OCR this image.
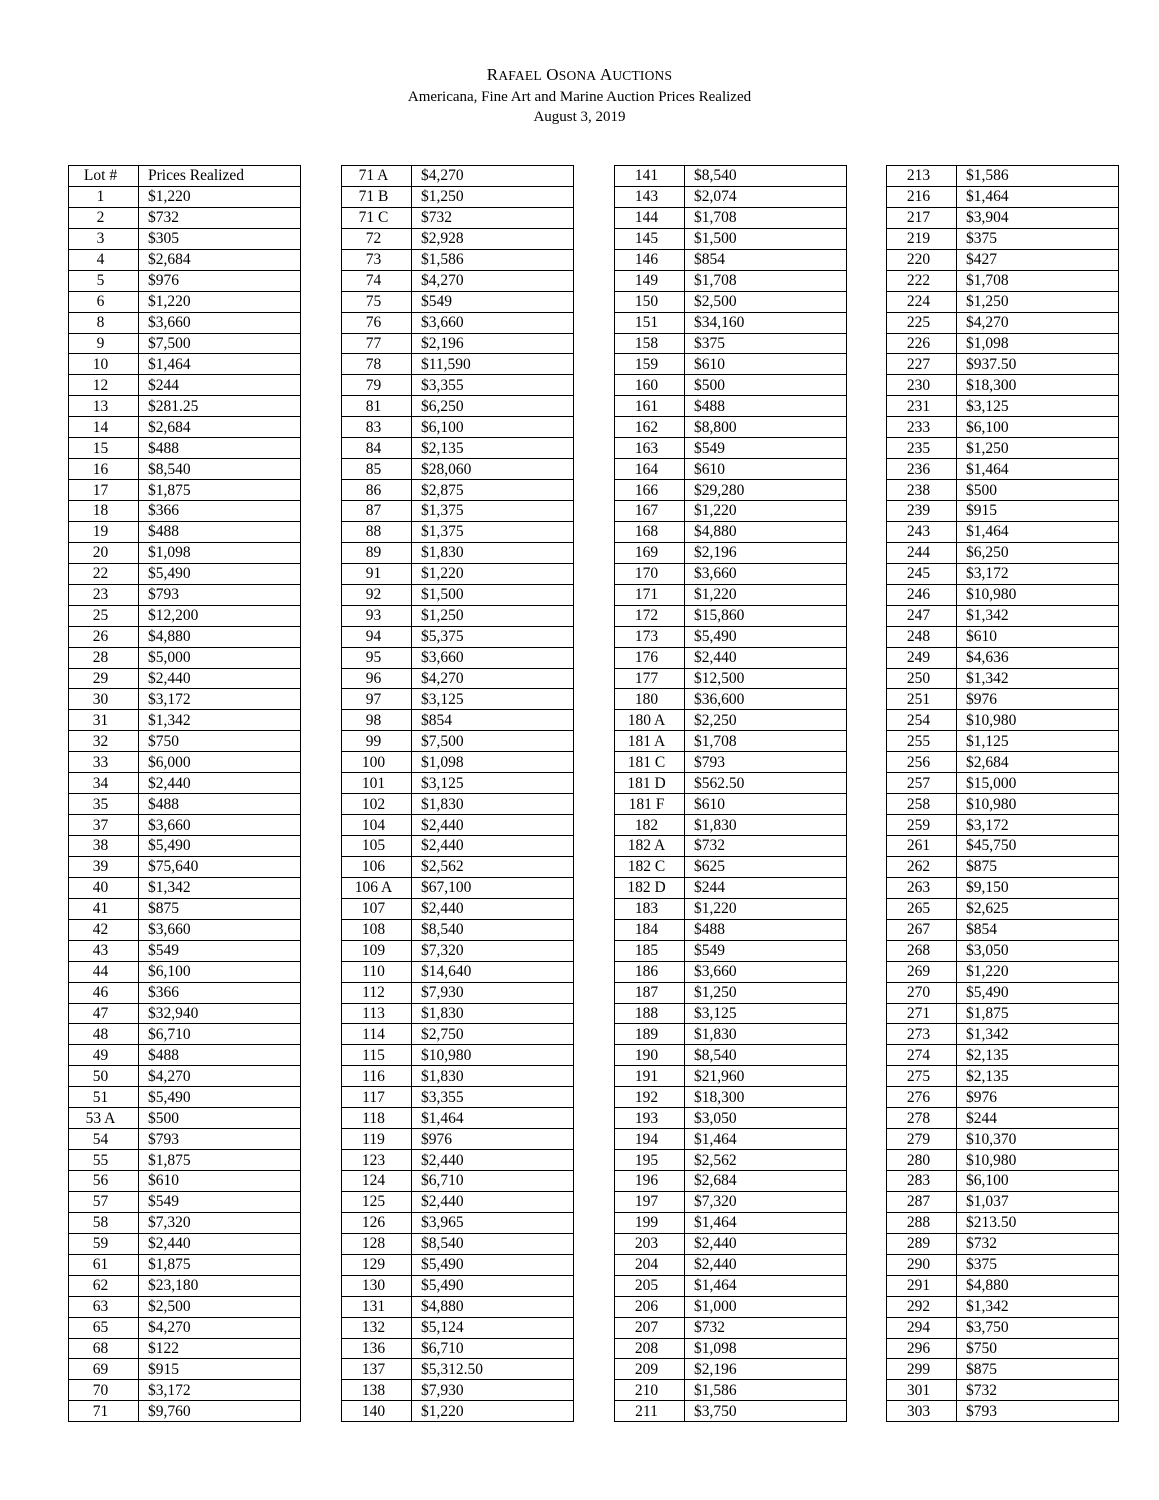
RAFAEL OSONA AUCTIONS
Americana, Fine Art and Marine Auction Prices Realized
August 3, 2019
Lot #	Prices Realized
1	$1,220
2	$732
3	$305
4	$2,684
5	$976
6	$1,220
8	$3,660
9	$7,500
10	$1,464
12	$244
13	$281.25
14	$2,684
15	$488
16	$8,540
17	$1,875
18	$366
19	$488
20	$1,098
22	$5,490
23	$793
25	$12,200
26	$4,880
28	$5,000
29	$2,440
30	$3,172
31	$1,342
32	$750
33	$6,000
34	$2,440
35	$488
37	$3,660
38	$5,490
39	$75,640
40	$1,342
41	$875
42	$3,660
43	$549
44	$6,100
46	$366
47	$32,940
48	$6,710
49	$488
50	$4,270
51	$5,490
53 A	$500
54	$793
55	$1,875
56	$610
57	$549
58	$7,320
59	$2,440
61	$1,875
62	$23,180
63	$2,500
65	$4,270
68	$122
69	$915
70	$3,172
71	$9,760
71 A	$4,270
71 B	$1,250
71 C	$732
72	$2,928
73	$1,586
74	$4,270
75	$549
76	$3,660
77	$2,196
78	$11,590
79	$3,355
81	$6,250
83	$6,100
84	$2,135
85	$28,060
86	$2,875
87	$1,375
88	$1,375
89	$1,830
91	$1,220
92	$1,500
93	$1,250
94	$5,375
95	$3,660
96	$4,270
97	$3,125
98	$854
99	$7,500
100	$1,098
101	$3,125
102	$1,830
104	$2,440
105	$2,440
106	$2,562
106 A	$67,100
107	$2,440
108	$8,540
109	$7,320
110	$14,640
112	$7,930
113	$1,830
114	$2,750
115	$10,980
116	$1,830
117	$3,355
118	$1,464
119	$976
123	$2,440
124	$6,710
125	$2,440
126	$3,965
128	$8,540
129	$5,490
130	$5,490
131	$4,880
132	$5,124
136	$6,710
137	$5,312.50
138	$7,930
140	$1,220
141	$8,540
143	$2,074
144	$1,708
145	$1,500
146	$854
149	$1,708
150	$2,500
151	$34,160
158	$375
159	$610
160	$500
161	$488
162	$8,800
163	$549
164	$610
166	$29,280
167	$1,220
168	$4,880
169	$2,196
170	$3,660
171	$1,220
172	$15,860
173	$5,490
176	$2,440
177	$12,500
180	$36,600
180 A	$2,250
181 A	$1,708
181 C	$793
181 D	$562.50
181 F	$610
182	$1,830
182 A	$732
182 C	$625
182 D	$244
183	$1,220
184	$488
185	$549
186	$3,660
187	$1,250
188	$3,125
189	$1,830
190	$8,540
191	$21,960
192	$18,300
193	$3,050
194	$1,464
195	$2,562
196	$2,684
197	$7,320
199	$1,464
203	$2,440
204	$2,440
205	$1,464
206	$1,000
207	$732
208	$1,098
209	$2,196
210	$1,586
211	$3,750
213	$1,586
216	$1,464
217	$3,904
219	$375
220	$427
222	$1,708
224	$1,250
225	$4,270
226	$1,098
227	$937.50
230	$18,300
231	$3,125
233	$6,100
235	$1,250
236	$1,464
238	$500
239	$915
243	$1,464
244	$6,250
245	$3,172
246	$10,980
247	$1,342
248	$610
249	$4,636
250	$1,342
251	$976
254	$10,980
255	$1,125
256	$2,684
257	$15,000
258	$10,980
259	$3,172
261	$45,750
262	$875
263	$9,150
265	$2,625
267	$854
268	$3,050
269	$1,220
270	$5,490
271	$1,875
273	$1,342
274	$2,135
275	$2,135
276	$976
278	$244
279	$10,370
280	$10,980
283	$6,100
287	$1,037
288	$213.50
289	$732
290	$375
291	$4,880
292	$1,342
294	$3,750
296	$750
299	$875
301	$732
303	$793
